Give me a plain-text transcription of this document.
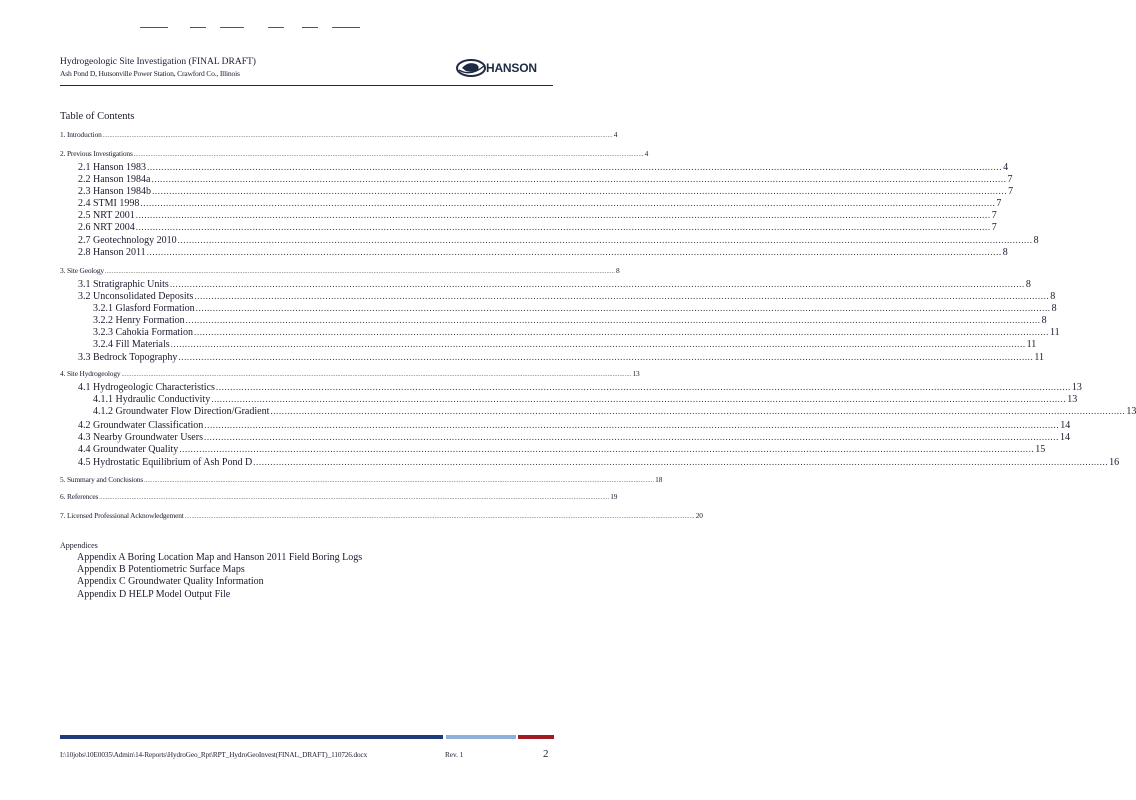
Hydrogeologic Site Investigation (FINAL DRAFT)
Ash Pond D, Hutsonville Power Station, Crawford Co., Illinois	HANSON
Table of Contents
1. Introduction ............................................................................................................................................................................................................................................................................................................ 4
2. Previous Investigations ............................................................................................................................................................................................................................................................................................................ 4
2.1 Hanson 1983 ............................................................................................................................................................................................................................................................................................................ 4
2.2 Hanson 1984a ............................................................................................................................................................................................................................................................................................................ 7
2.3 Hanson 1984b ............................................................................................................................................................................................................................................................................................................ 7
2.4 STMI 1998 ............................................................................................................................................................................................................................................................................................................ 7
2.5 NRT 2001 ............................................................................................................................................................................................................................................................................................................ 7
2.6 NRT 2004 ............................................................................................................................................................................................................................................................................................................ 7
2.7 Geotechnology 2010 ............................................................................................................................................................................................................................................................................................................ 8
2.8 Hanson 2011 ............................................................................................................................................................................................................................................................................................................ 8
3. Site Geology ............................................................................................................................................................................................................................................................................................................ 8
3.1 Stratigraphic Units ............................................................................................................................................................................................................................................................................................................ 8
3.2 Unconsolidated Deposits ............................................................................................................................................................................................................................................................................................................ 8
3.2.1 Glasford Formation ............................................................................................................................................................................................................................................................................................................ 8
3.2.2 Henry Formation ............................................................................................................................................................................................................................................................................................................ 8
3.2.3 Cahokia Formation ............................................................................................................................................................................................................................................................................................................ 11
3.2.4 Fill Materials ............................................................................................................................................................................................................................................................................................................ 11
3.3 Bedrock Topography ............................................................................................................................................................................................................................................................................................................ 11
4. Site Hydrogeology ............................................................................................................................................................................................................................................................................................................ 13
4.1 Hydrogeologic Characteristics ............................................................................................................................................................................................................................................................................................................ 13
4.1.1 Hydraulic Conductivity ............................................................................................................................................................................................................................................................................................................ 13
4.1.2 Groundwater Flow Direction/Gradient ............................................................................................................................................................................................................................................................................................................ 13
4.2 Groundwater Classification ............................................................................................................................................................................................................................................................................................................ 14
4.3 Nearby Groundwater Users ............................................................................................................................................................................................................................................................................................................ 14
4.4 Groundwater Quality ............................................................................................................................................................................................................................................................................................................ 15
4.5 Hydrostatic Equilibrium of Ash Pond D ............................................................................................................................................................................................................................................................................................................ 16
5. Summary and Conclusions ............................................................................................................................................................................................................................................................................................................ 18
6. References ............................................................................................................................................................................................................................................................................................................ 19
7. Licensed Professional Acknowledgement ............................................................................................................................................................................................................................................................................................................ 20
Appendices
Appendix A Boring Location Map and Hanson 2011 Field Boring Logs
Appendix B Potentiometric Surface Maps
Appendix C Groundwater Quality Information
Appendix D HELP Model Output File
I:\10jobs\10E0035\Admin\14-Reports\HydroGeo_Rpt\RPT_HydroGeoInvest(FINAL_DRAFT)_110726.docx	Rev. 1	2
